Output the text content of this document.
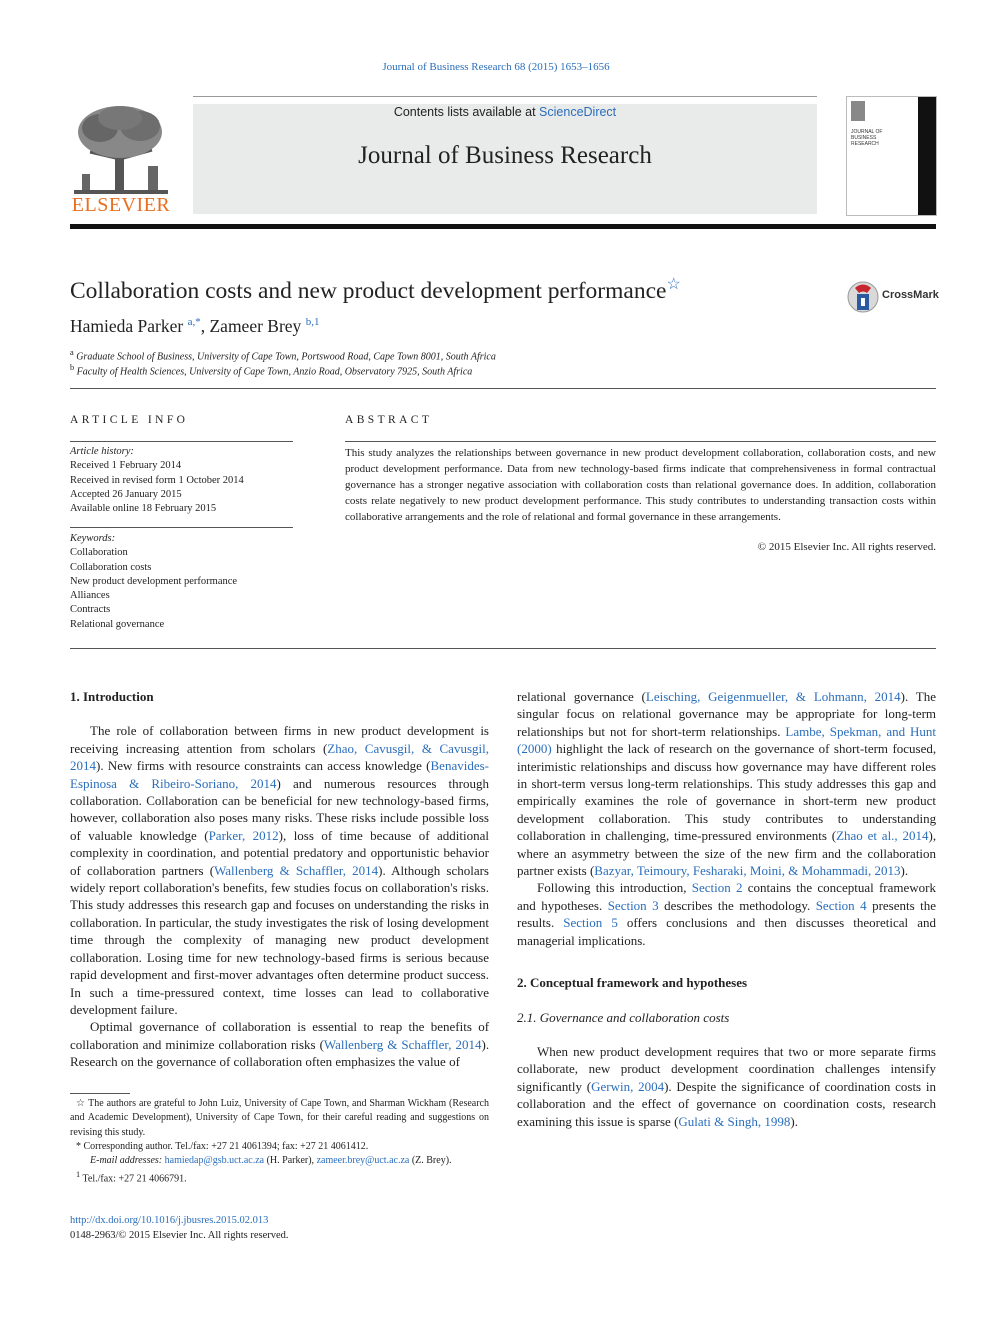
Journal of Business Research 68 (2015) 1653–1656
ELSEVIER
Contents lists available at ScienceDirect
Journal of Business Research
JOURNAL OF BUSINESS RESEARCH
Collaboration costs and new product development performance☆
CrossMark
Hamieda Parker $^{a,*}$, Zameer Brey $^{b,1}$
$^a$ Graduate School of Business, University of Cape Town, Portswood Road, Cape Town 8001, South Africa
$^b$ Faculty of Health Sciences, University of Cape Town, Anzio Road, Observatory 7925, South Africa
ARTICLE INFO
Article history:
Received 1 February 2014
Received in revised form 1 October 2014
Accepted 26 January 2015
Available online 18 February 2015
Keywords:
Collaboration
Collaboration costs
New product development performance
Alliances
Contracts
Relational governance
ABSTRACT
This study analyzes the relationships between governance in new product development collaboration, collaboration costs, and new product development performance. Data from new technology-based firms indicate that comprehensiveness in formal contractual governance has a stronger negative association with collaboration costs than relational governance does. In addition, collaboration costs relate negatively to new product development performance. This study contributes to understanding transaction costs within collaborative arrangements and the role of relational and formal governance in these arrangements.
© 2015 Elsevier Inc. All rights reserved.

1. Introduction

The role of collaboration between firms in new product development is receiving increasing attention from scholars (Zhao, Cavusgil, & Cavusgil, 2014). New firms with resource constraints can access knowledge (Benavides-Espinosa & Ribeiro-Soriano, 2014) and numerous resources through collaboration. Collaboration can be beneficial for new technology-based firms, however, collaboration also poses many risks. These risks include possible loss of valuable knowledge (Parker, 2012), loss of time because of additional complexity in coordination, and potential predatory and opportunistic behavior of collaboration partners (Wallenberg & Schaffler, 2014). Although scholars widely report collaboration's benefits, few studies focus on collaboration's risks. This study addresses this research gap and focuses on understanding the risks in collaboration. In particular, the study investigates the risk of losing development time through the complexity of managing new product development collaboration. Losing time for new technology-based firms is serious because rapid development and first-mover advantages often determine product success. In such a time-pressured context, time losses can lead to collaborative development failure.

Optimal governance of collaboration is essential to reap the benefits of collaboration and minimize collaboration risks (Wallenberg & Schaffler, 2014). Research on the governance of collaboration often emphasizes the value of

relational governance (Leisching, Geigenmueller, & Lohmann, 2014). The singular focus on relational governance may be appropriate for long-term relationships but not for short-term relationships. Lambe, Spekman, and Hunt (2000) highlight the lack of research on the governance of short-term focused, interimistic relationships and discuss how governance may have different roles in short-term versus long-term relationships. This study addresses this gap and empirically examines the role of governance in short-term new product development collaboration. This study contributes to understanding collaboration in challenging, time-pressured environments (Zhao et al., 2014), where an asymmetry between the size of the new firm and the collaboration partner exists (Bazyar, Teimoury, Fesharaki, Moini, & Mohammadi, 2013).

Following this introduction, Section 2 contains the conceptual framework and hypotheses. Section 3 describes the methodology. Section 4 presents the results. Section 5 offers conclusions and then discusses theoretical and managerial implications.

2. Conceptual framework and hypotheses

2.1. Governance and collaboration costs

When new product development requires that two or more separate firms collaborate, new product development coordination challenges intensify significantly (Gerwin, 2004). Despite the significance of coordination costs in collaboration and the effect of governance on coordination costs, research examining this issue is sparse (Gulati & Singh, 1998).

☆ The authors are grateful to John Luiz, University of Cape Town, and Sharman Wickham (Research and Academic Development), University of Cape Town, for their careful reading and suggestions on revising this study.

* Corresponding author. Tel./fax: +27 21 4061394; fax: +27 21 4061412.

E-mail addresses: hamiedap@gsb.uct.ac.za (H. Parker), zameer.brey@uct.ac.za (Z. Brey).

$^1$ Tel./fax: +27 21 4066791.

http://dx.doi.org/10.1016/j.jbusres.2015.02.013
0148-2963/© 2015 Elsevier Inc. All rights reserved.
